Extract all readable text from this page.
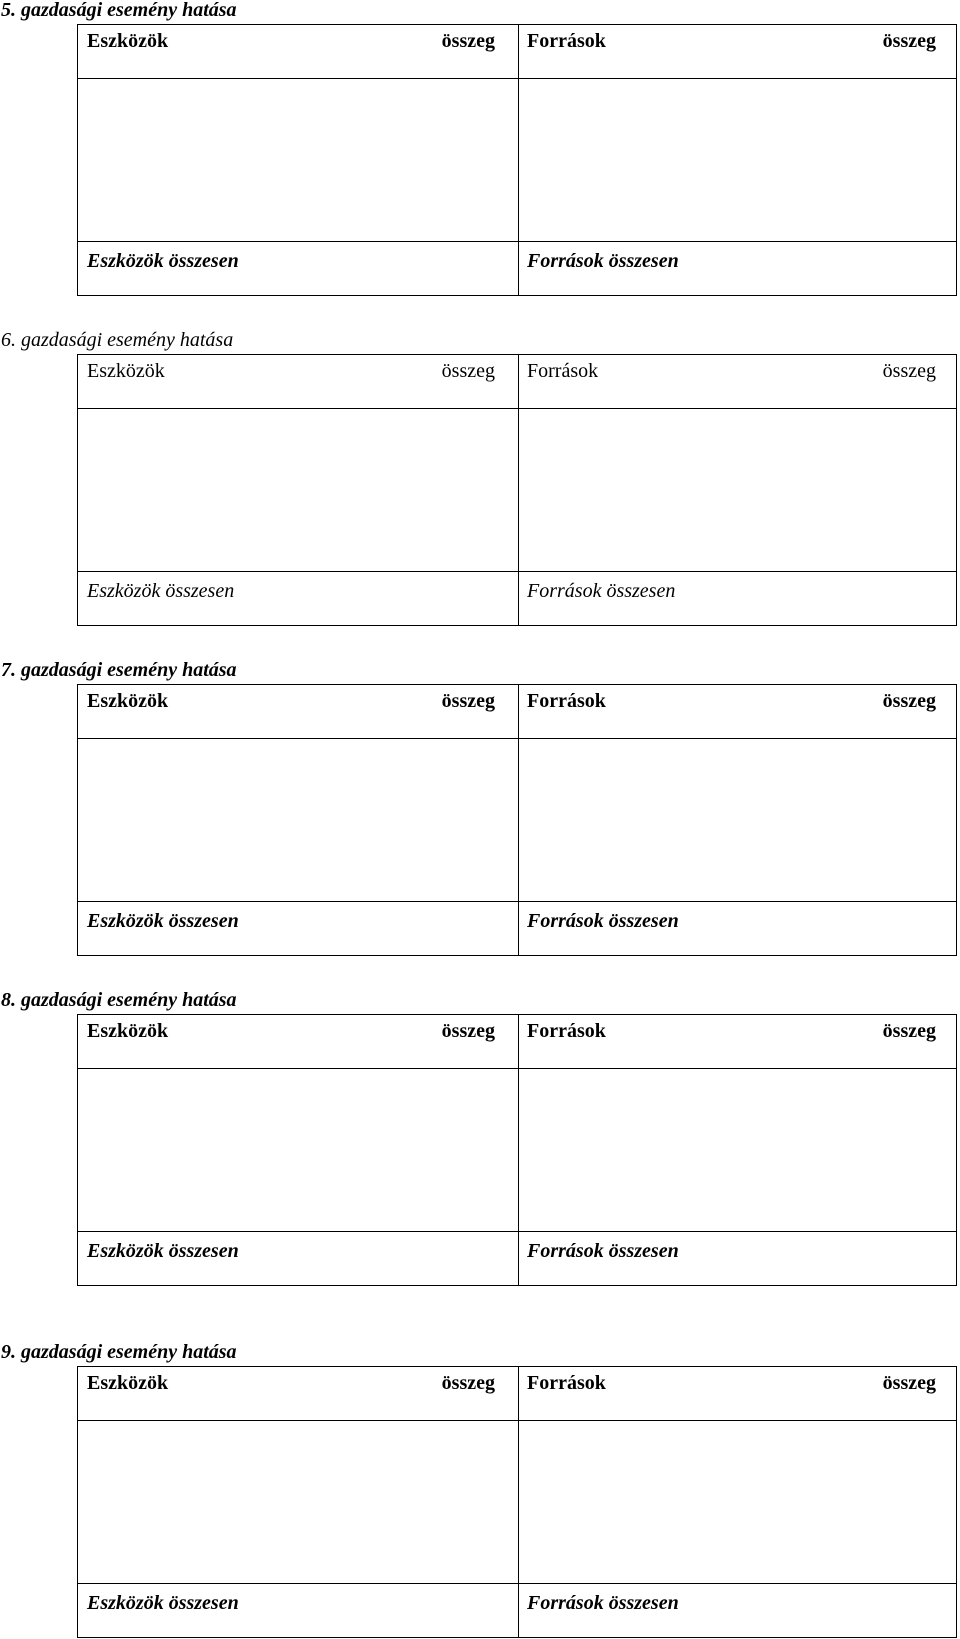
5. gazdasági esemény hatása
Eszközök	összeg Források	összeg
Eszközök összesen	Források összesen
6. gazdasági esemény hatása
Eszközök	összeg Források	összeg
Eszközök összesen	Források összesen
7. gazdasági esemény hatása
Eszközök	összeg Források	összeg
Eszközök összesen	Források összesen
8. gazdasági esemény hatása
Eszközök	összeg Források	összeg
Eszközök összesen	Források összesen
9. gazdasági esemény hatása
Eszközök	összeg Források	összeg
Eszközök összesen	Források összesen
